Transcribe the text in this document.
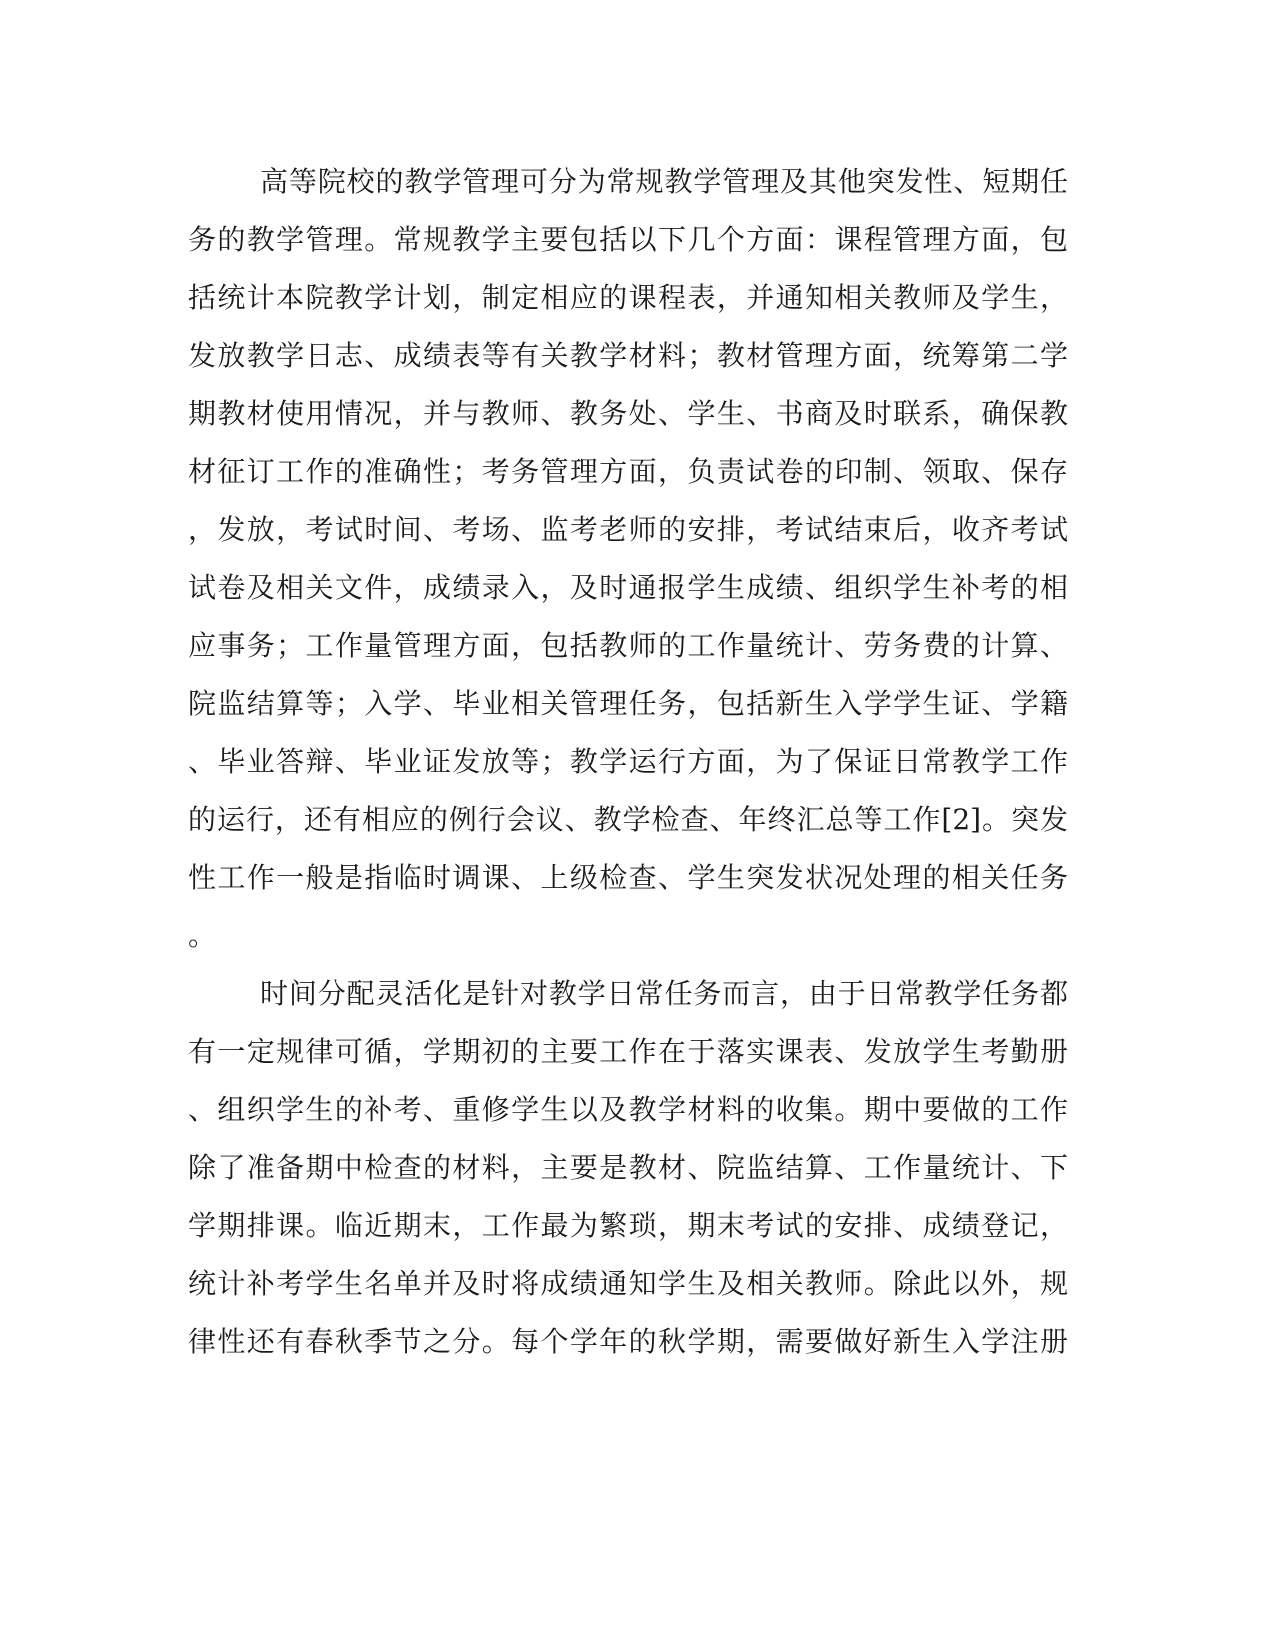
高等院校的教学管理可分为常规教学管理及其他突发性、短期任
务的教学管理。常规教学主要包括以下几个方面：课程管理方面，包
括统计本院教学计划，制定相应的课程表，并通知相关教师及学生，
发放教学日志、成绩表等有关教学材料；教材管理方面，统筹第二学
期教材使用情况，并与教师、教务处、学生、书商及时联系，确保教
材征订工作的准确性；考务管理方面，负责试卷的印制、领取、保存
，发放，考试时间、考场、监考老师的安排，考试结束后，收齐考试
试卷及相关文件，成绩录入，及时通报学生成绩、组织学生补考的相
应事务；工作量管理方面，包括教师的工作量统计、劳务费的计算、
院监结算等；入学、毕业相关管理任务，包括新生入学学生证、学籍
、毕业答辩、毕业证发放等；教学运行方面，为了保证日常教学工作
的运行，还有相应的例行会议、教学检查、年终汇总等工作[2]。突发
性工作一般是指临时调课、上级检查、学生突发状况处理的相关任务
。
时间分配灵活化是针对教学日常任务而言，由于日常教学任务都
有一定规律可循，学期初的主要工作在于落实课表、发放学生考勤册
、组织学生的补考、重修学生以及教学材料的收集。期中要做的工作
除了准备期中检查的材料，主要是教材、院监结算、工作量统计、下
学期排课。临近期末，工作最为繁琐，期末考试的安排、成绩登记，
统计补考学生名单并及时将成绩通知学生及相关教师。除此以外，规
律性还有春秋季节之分。每个学年的秋学期，需要做好新生入学注册
